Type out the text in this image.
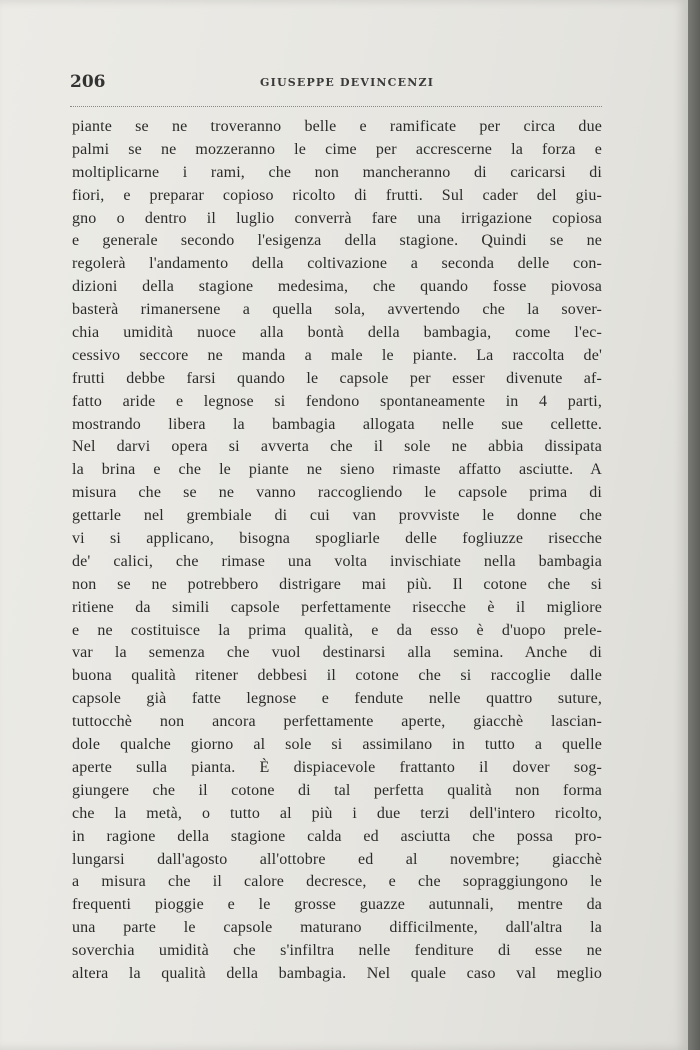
206	GIUSEPPE DEVINCENZI
piante se ne troveranno belle e ramificate per circa due
palmi se ne mozzeranno le cime per accrescerne la forza e
moltiplicarne i rami, che non mancheranno di caricarsi di
fiori, e preparar copioso ricolto di frutti. Sul cader del giu-
gno o dentro il luglio converrà fare una irrigazione copiosa
e generale secondo l'esigenza della stagione. Quindi se ne
regolerà l'andamento della coltivazione a seconda delle con-
dizioni della stagione medesima, che quando fosse piovosa
basterà rimanersene a quella sola, avvertendo che la sover-
chia umidità nuoce alla bontà della bambagia, come l'ec-
cessivo seccore ne manda a male le piante. La raccolta de'
frutti debbe farsi quando le capsole per esser divenute af-
fatto aride e legnose si fendono spontaneamente in 4 parti,
mostrando libera la bambagia allogata nelle sue cellette.
Nel darvi opera si avverta che il sole ne abbia dissipata
la brina e che le piante ne sieno rimaste affatto asciutte. A
misura che se ne vanno raccogliendo le capsole prima di
gettarle nel grembiale di cui van provviste le donne che
vi si applicano, bisogna spogliarle delle fogliuzze risecche
de' calici, che rimase una volta invischiate nella bambagia
non se ne potrebbero distrigare mai più. Il cotone che si
ritiene da simili capsole perfettamente risecche è il migliore
e ne costituisce la prima qualità, e da esso è d'uopo prele-
var la semenza che vuol destinarsi alla semina. Anche di
buona qualità ritener debbesi il cotone che si raccoglie dalle
capsole già fatte legnose e fendute nelle quattro suture,
tuttocchè non ancora perfettamente aperte, giacchè lascian-
dole qualche giorno al sole si assimilano in tutto a quelle
aperte sulla pianta. È dispiacevole frattanto il dover sog-
giungere che il cotone di tal perfetta qualità non forma
che la metà, o tutto al più i due terzi dell'intero ricolto,
in ragione della stagione calda ed asciutta che possa pro-
lungarsi dall'agosto all'ottobre ed al novembre; giacchè
a misura che il calore decresce, e che sopraggiungono le
frequenti pioggie e le grosse guazze autunnali, mentre da
una parte le capsole maturano difficilmente, dall'altra la
soverchia umidità che s'infiltra nelle fenditure di esse ne
altera la qualità della bambagia. Nel quale caso val meglio
